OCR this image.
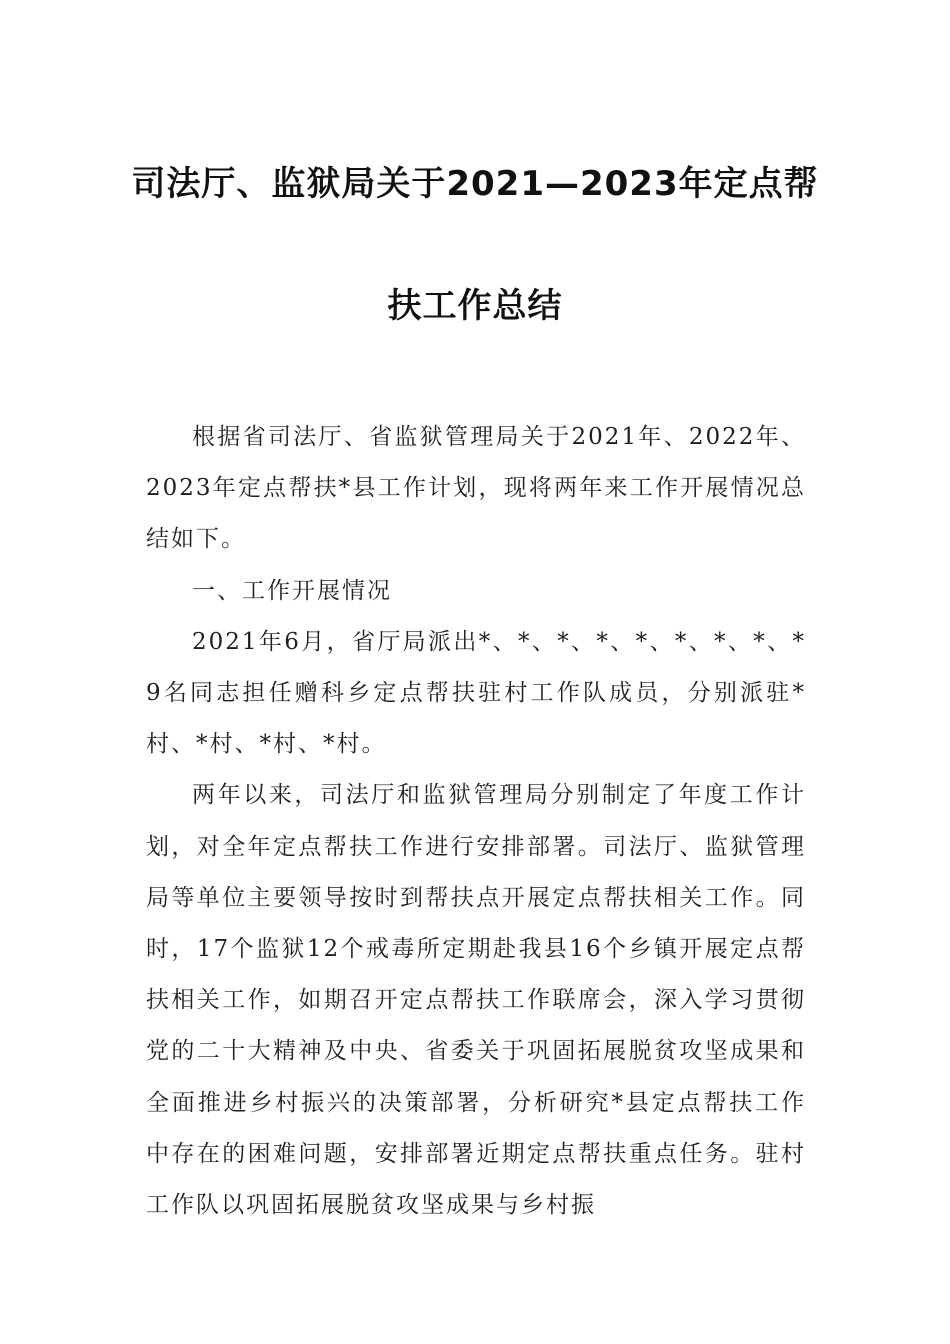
司法厅、监狱局关于2021—2023年定点帮
扶工作总结

根据省司法厅、省监狱管理局关于2021年、2022年、2023年定点帮扶*县工作计划，现将两年来工作开展情况总结如下。

一、工作开展情况

2021年6月，省厅局派出*、*、*、*、*、*、*、*、*9名同志担任赠科乡定点帮扶驻村工作队成员，分别派驻*村、*村、*村、*村。

两年以来，司法厅和监狱管理局分别制定了年度工作计划，对全年定点帮扶工作进行安排部署。司法厅、监狱管理局等单位主要领导按时到帮扶点开展定点帮扶相关工作。同时，17个监狱12个戒毒所定期赴我县16个乡镇开展定点帮扶相关工作，如期召开定点帮扶工作联席会，深入学习贯彻党的二十大精神及中央、省委关于巩固拓展脱贫攻坚成果和全面推进乡村振兴的决策部署，分析研究*县定点帮扶工作中存在的困难问题，安排部署近期定点帮扶重点任务。驻村工作队以巩固拓展脱贫攻坚成果与乡村振
